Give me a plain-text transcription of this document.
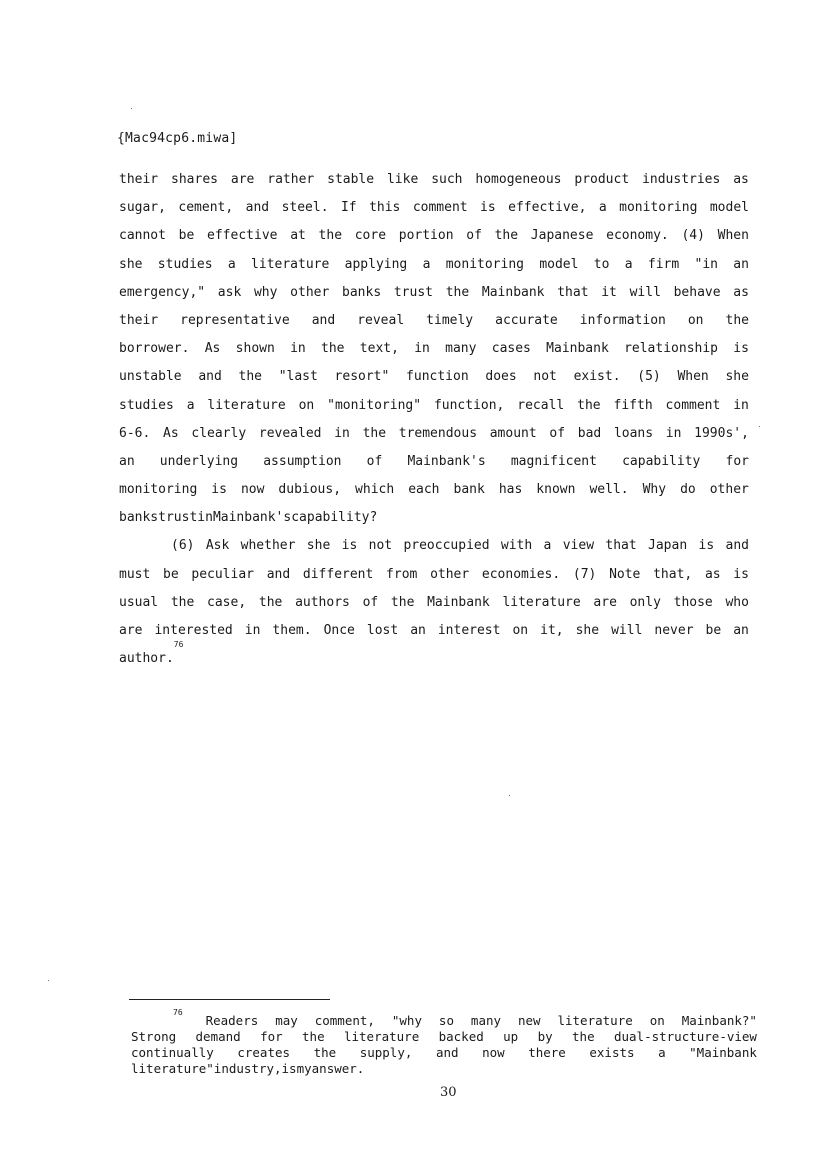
{Mac94cp6.miwa]
their shares are rather stable like such homogeneous product industries as
sugar, cement, and steel. If this comment is effective, a monitoring model
cannot be effective at the core portion of the Japanese economy. (4) When
she studies a literature applying a monitoring model to a firm "in an
emergency," ask why other banks trust the Mainbank that it will behave as
their representative and reveal timely accurate information on the
borrower. As shown in the text, in many cases Mainbank relationship is
unstable and the "last resort" function does not exist. (5) When she
studies a literature on "monitoring" function, recall the fifth comment in
6-6. As clearly revealed in the tremendous amount of bad loans in 1990s',
an underlying assumption of Mainbank's magnificent capability for
monitoring is now dubious, which each bank has known well. Why do other
banks trust in Mainbank's capability?
(6) Ask whether she is not preoccupied with a view that Japan is and
must be peculiar and different from other economies. (7) Note that, as is
usual the case, the authors of the Mainbank literature are only those who
are interested in them. Once lost an interest on it, she will never be an
author.
76
76
Readers may comment, "why so many new literature on Mainbank?"
Strong demand for the literature backed up by the dual-structure-view
continually creates the supply, and now there exists a "Mainbank
literature" industry, is my answer.
30
